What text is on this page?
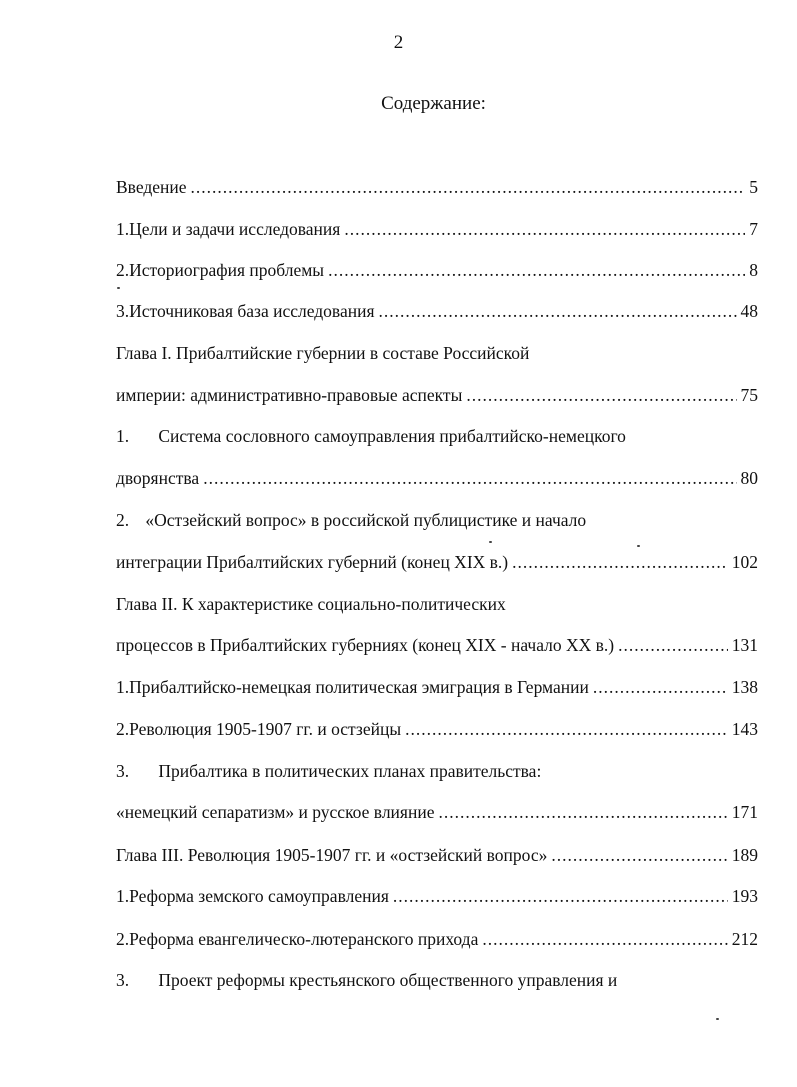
2
Содержание:
Введение .....	5
1. Цели и задачи исследования .....	7
2. Историография проблемы .....	8
3. Источниковая база исследования .....	48
Глава I. Прибалтийские губернии в составе Российской
империи: административно-правовые аспекты .....	75
1. Система сословного самоуправления прибалтийско-немецкого
дворянства .....	80
2. «Остзейский вопрос» в российской публицистике и начало
интеграции Прибалтийских губерний (конец XIX в.) .....	102
Глава II. К характеристике социально-политических
процессов в Прибалтийских губерниях (конец XIX - начало XX в.) .....	131
1. Прибалтийско-немецкая политическая эмиграция в Германии .....	138
2. Революция 1905-1907 гг. и остзейцы .....	143
3. Прибалтика в политических планах правительства:
«немецкий сепаратизм» и русское влияние .....	171
Глава III. Революция 1905-1907 гг. и «остзейский вопрос» .....	189
1. Реформа земского самоуправления .....	193
2. Реформа евангелическо-лютеранского прихода .....	212
3. Проект реформы крестьянского общественного управления и
